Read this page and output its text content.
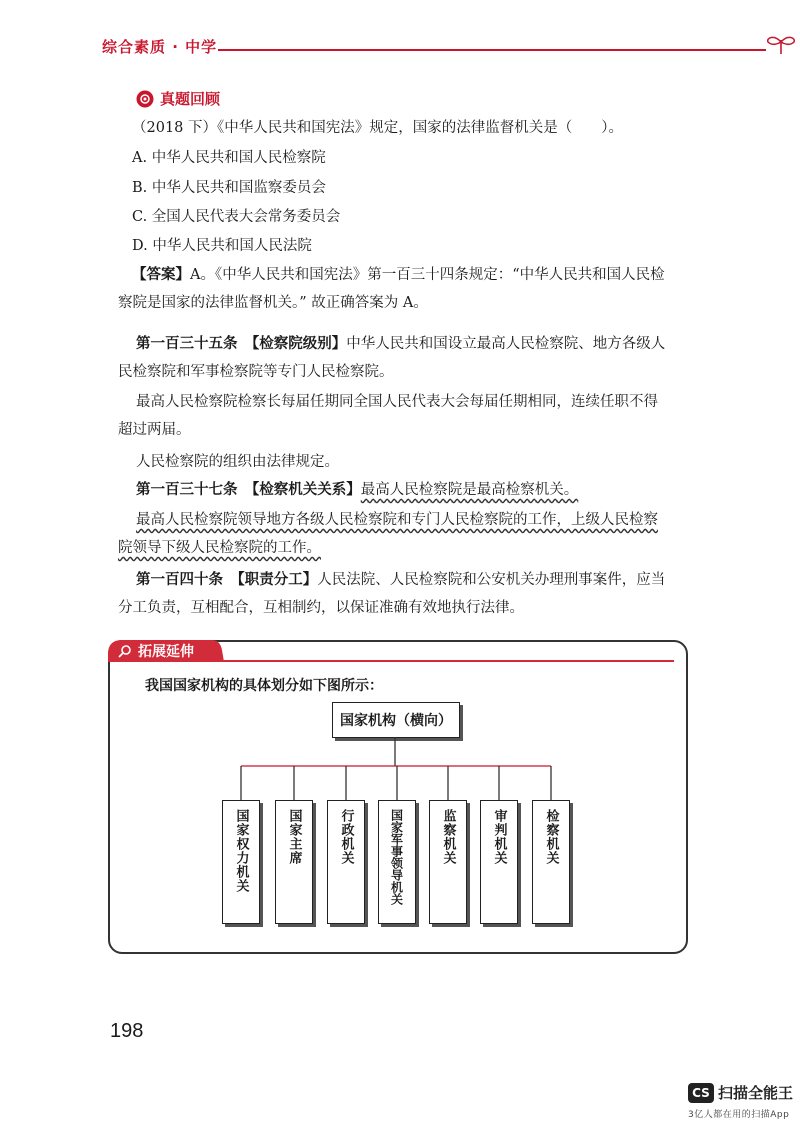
综合素质 · 中学
真题回顾
（2018 下）《中华人民共和国宪法》规定，国家的法律监督机关是（　　）。
A. 中华人民共和国人民检察院
B. 中华人民共和国监察委员会
C. 全国人民代表大会常务委员会
D. 中华人民共和国人民法院
【答案】A。《中华人民共和国宪法》第一百三十四条规定：“中华人民共和国人民检
察院是国家的法律监督机关。” 故正确答案为 A。
第一百三十五条　【检察院级别】中华人民共和国设立最高人民检察院、地方各级人
民检察院和军事检察院等专门人民检察院。
最高人民检察院检察长每届任期同全国人民代表大会每届任期相同，连续任职不得
超过两届。
人民检察院的组织由法律规定。
第一百三十七条　【检察机关关系】最高人民检察院是最高检察机关。
最高人民检察院领导地方各级人民检察院和专门人民检察院的工作，上级人民检察
院领导下级人民检察院的工作。
第一百四十条　【职责分工】人民法院、人民检察院和公安机关办理刑事案件，应当
分工负责，互相配合，互相制约，以保证准确有效地执行法律。
拓展延伸
我国国家机构的具体划分如下图所示：
国家机构（横向）
国家权力机关	国家主席	行政机关	国家军事领导机关	监察机关	审判机关	检察机关
198
CS 扫描全能王
3亿人都在用的扫描App
